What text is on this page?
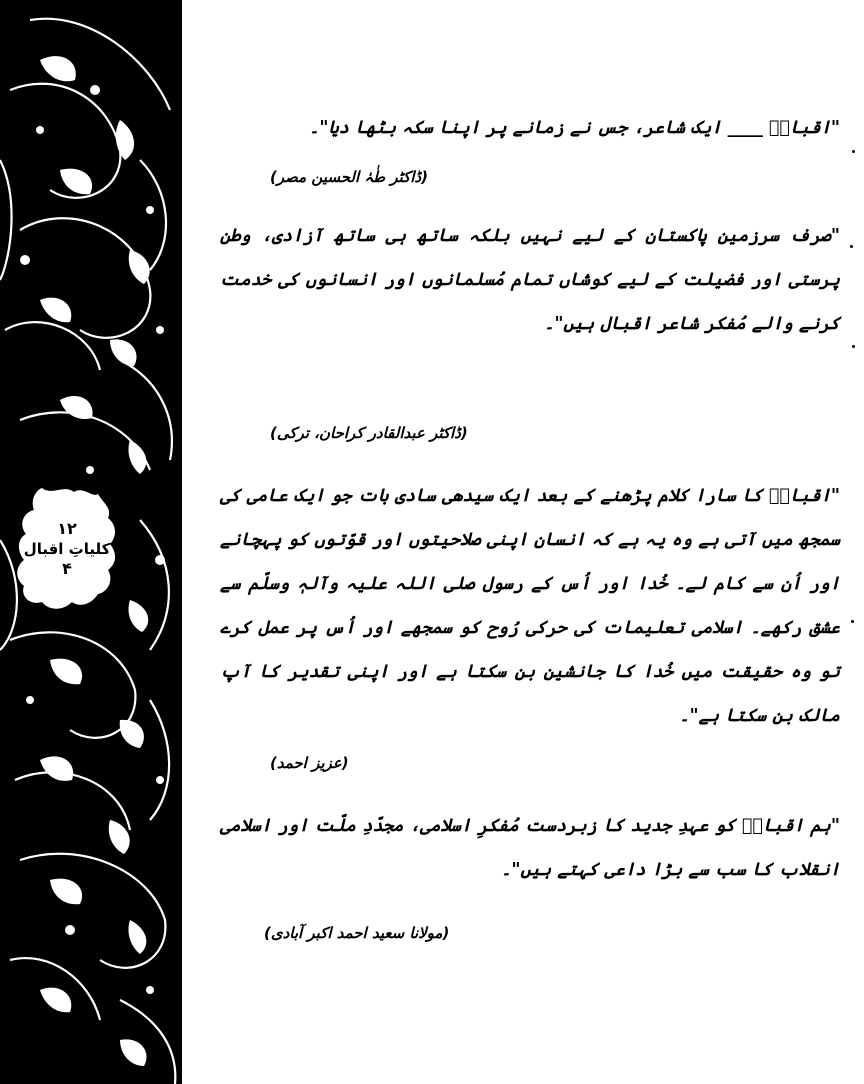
۱۲
کلیاتِ اقبال
۴
"اقبالؒ ____ ایک شاعر، جس نے زمانے پر اپنا سکہ بٹھا دیا"۔
(ڈاکٹر طٰہٰ الحسین مصر)
"صرف سرزمین پاکستان کے لیے نہیں بلکہ ساتھ ہی ساتھ آزادی، وطن پرستی اور فضیلت کے لیے کوشاں تمام مُسلمانوں اور انسانوں کی خدمت کرنے والے مُفکر شاعر اقبال ہیں"۔
(ڈاکٹر عبدالقادر کراحان، ترکی)
"اقبالؒ کا سارا کلام پڑھنے کے بعد ایک سیدھی سادی بات جو ایک عامی کی سمجھ میں آتی ہے وہ یہ ہے کہ انسان اپنی صلاحیتوں اور قوّتوں کو پہچانے اور اُن سے کام لے۔ خُدا اور اُس کے رسول صلی اللہ علیہ وآلہٖ وسلّم سے عشق رکھے۔ اسلامی تعلیمات کی حرکی رُوح کو سمجھے اور اُس پر عمل کرے تو وہ حقیقت میں خُدا کا جانشین بن سکتا ہے اور اپنی تقدیر کا آپ مالک بن سکتا ہے"۔
(عزیز احمد)
"ہم اقبالؒ کو عہدِ جدید کا زبردست مُفکرِ اسلامی، مجدّدِ ملّت اور اسلامی انقلاب کا سب سے بڑا داعی کہتے ہیں"۔
(مولانا سعید احمد اکبر آبادی)
